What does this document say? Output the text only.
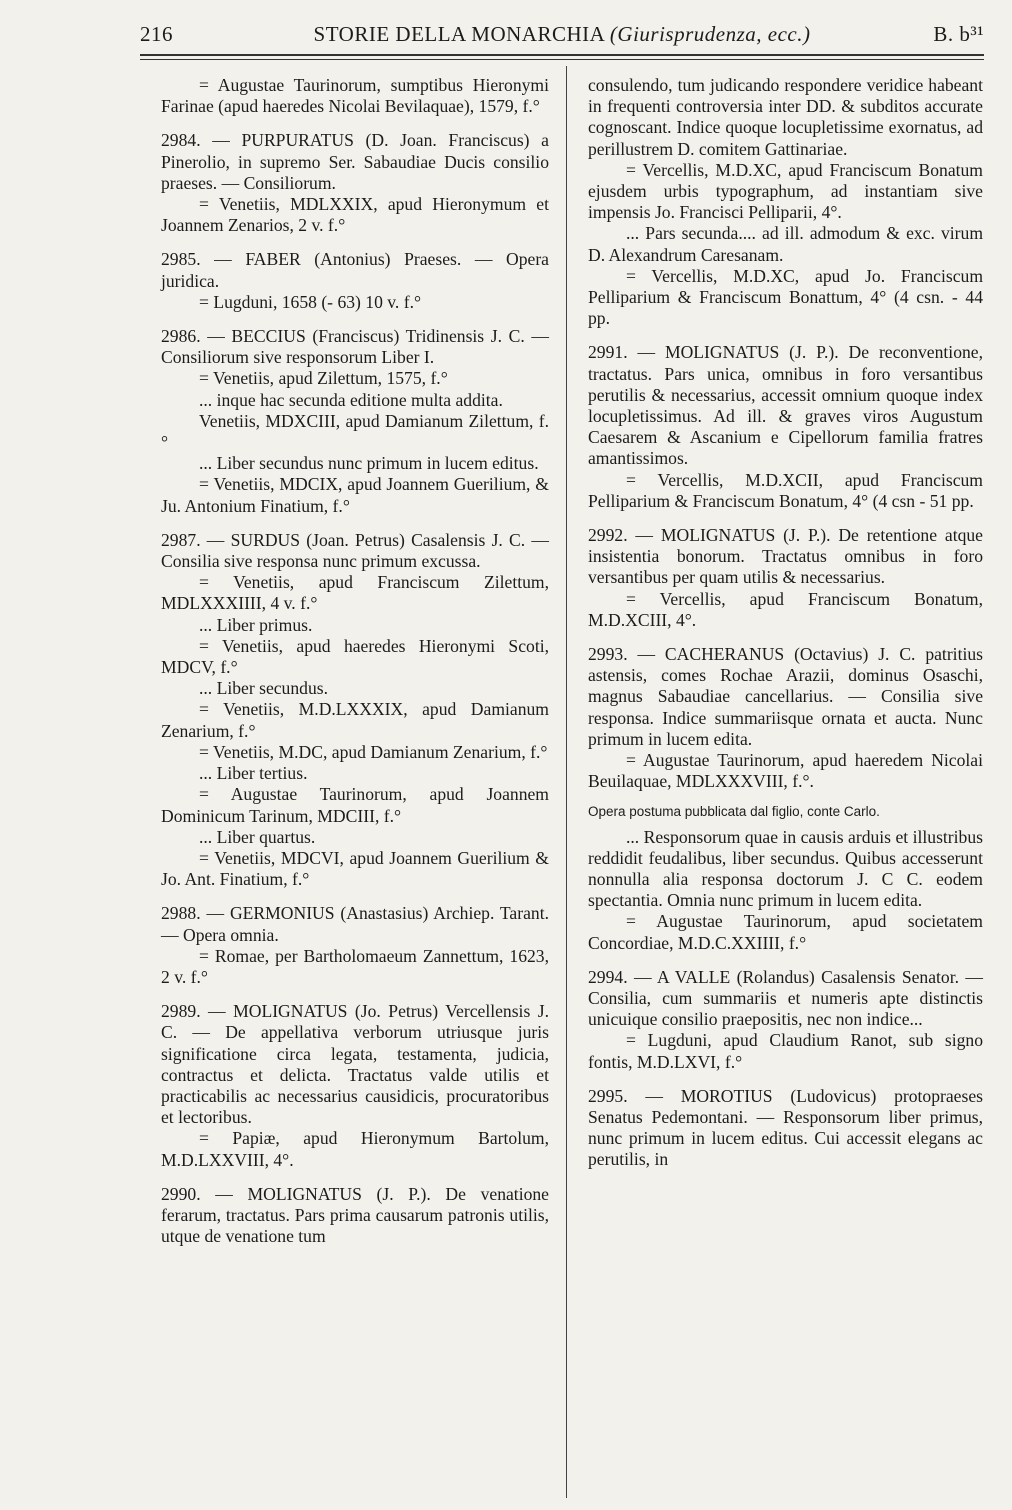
216	STORIE DELLA MONARCHIA (Giurisprudenza, ecc.)	B. b³¹

= Augustae Taurinorum, sumptibus Hieronymi Farinae (apud haeredes Nicolai Bevilaquae), 1579, f.°

2984. — PURPURATUS (D. Joan. Franciscus) a Pinerolio, in supremo Ser. Sabaudiae Ducis consilio praeses. — Consiliorum.

= Venetiis, MDLXXIX, apud Hieronymum et Joannem Zenarios, 2 v. f.°

2985. — FABER (Antonius) Praeses. — Opera juridica.

= Lugduni, 1658 (- 63) 10 v. f.°

2986. — BECCIUS (Franciscus) Tridinensis J. C. — Consiliorum sive responsorum Liber I.

= Venetiis, apud Zilettum, 1575, f.°

... inque hac secunda editione multa addita.

Venetiis, MDXCIII, apud Damianum Zilettum, f.°

... Liber secundus nunc primum in lucem editus.

= Venetiis, MDCIX, apud Joannem Guerilium, & Ju. Antonium Finatium, f.°

2987. — SURDUS (Joan. Petrus) Casalensis J. C. — Consilia sive responsa nunc primum excussa.

= Venetiis, apud Franciscum Zilettum, MDLXXXIIII, 4 v. f.°

... Liber primus.

= Venetiis, apud haeredes Hieronymi Scoti, MDCV, f.°

... Liber secundus.

= Venetiis, M.D.LXXXIX, apud Damianum Zenarium, f.°

= Venetiis, M.DC, apud Damianum Zenarium, f.°

... Liber tertius.

= Augustae Taurinorum, apud Joannem Dominicum Tarinum, MDCIII, f.°

... Liber quartus.

= Venetiis, MDCVI, apud Joannem Guerilium & Jo. Ant. Finatium, f.°

2988. — GERMONIUS (Anastasius) Archiep. Tarant. — Opera omnia.

= Romae, per Bartholomaeum Zannettum, 1623, 2 v. f.°

2989. — MOLIGNATUS (Jo. Petrus) Vercellensis J. C. — De appellativa verborum utriusque juris significatione circa legata, testamenta, judicia, contractus et delicta. Tractatus valde utilis et practicabilis ac necessarius causidicis, procuratoribus et lectoribus.

= Papiæ, apud Hieronymum Bartolum, M.D.LXXVIII, 4°.

2990. — MOLIGNATUS (J. P.). De venatione ferarum, tractatus. Pars prima causarum patronis utilis, utque de venatione tum

consulendo, tum judicando respondere veridice habeant in frequenti controversia inter DD. & subditos accurate cognoscant. Indice quoque locupletissime exornatus, ad perillustrem D. comitem Gattinariae.

= Vercellis, M.D.XC, apud Franciscum Bonatum ejusdem urbis typographum, ad instantiam sive impensis Jo. Francisci Pelliparii, 4°.

... Pars secunda.... ad ill. admodum & exc. virum D. Alexandrum Caresanam.

= Vercellis, M.D.XC, apud Jo. Franciscum Pelliparium & Franciscum Bonattum, 4° (4 csn. - 44 pp.

2991. — MOLIGNATUS (J. P.). De reconventione, tractatus. Pars unica, omnibus in foro versantibus perutilis & necessarius, accessit omnium quoque index locupletissimus. Ad ill. & graves viros Augustum Caesarem & Ascanium e Cipellorum familia fratres amantissimos.

= Vercellis, M.D.XCII, apud Franciscum Pelliparium & Franciscum Bonatum, 4° (4 csn - 51 pp.

2992. — MOLIGNATUS (J. P.). De retentione atque insistentia bonorum. Tractatus omnibus in foro versantibus per quam utilis & necessarius.

= Vercellis, apud Franciscum Bonatum, M.D.XCIII, 4°.

2993. — CACHERANUS (Octavius) J. C. patritius astensis, comes Rochae Arazii, dominus Osaschi, magnus Sabaudiae cancellarius. — Consilia sive responsa. Indice summariisque ornata et aucta. Nunc primum in lucem edita.

= Augustae Taurinorum, apud haeredem Nicolai Beuilaquae, MDLXXXVIII, f.°.

Opera postuma pubblicata dal figlio, conte Carlo.

... Responsorum quae in causis arduis et illustribus reddidit feudalibus, liber secundus. Quibus accesserunt nonnulla alia responsa doctorum J. C C. eodem spectantia. Omnia nunc primum in lucem edita.

= Augustae Taurinorum, apud societatem Concordiae, M.D.C.XXIIII, f.°

2994. — A VALLE (Rolandus) Casalensis Senator. — Consilia, cum summariis et numeris apte distinctis unicuique consilio praepositis, nec non indice...

= Lugduni, apud Claudium Ranot, sub signo fontis, M.D.LXVI, f.°

2995. — MOROTIUS (Ludovicus) protopraeses Senatus Pedemontani. — Responsorum liber primus, nunc primum in lucem editus. Cui accessit elegans ac perutilis, in
